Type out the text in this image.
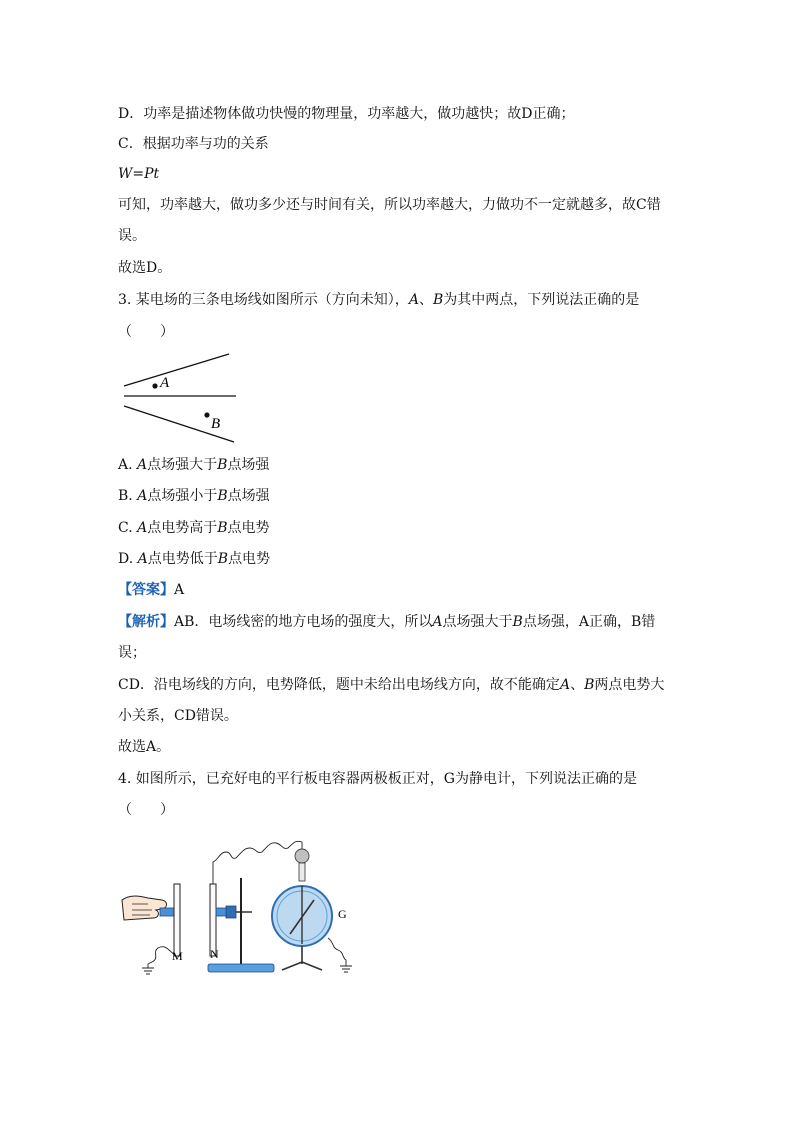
D．功率是描述物体做功快慢的物理量，功率越大，做功越快；故D正确；
C．根据功率与功的关系
W=Pt
可知，功率越大，做功多少还与时间有关，所以功率越大，力做功不一定就越多，故C错
误。
故选D。
3. 某电场的三条电场线如图所示（方向未知），A、B为其中两点，下列说法正确的是
（　　）
A
B
A. A点场强大于B点场强
B. A点场强小于B点场强
C. A点电势高于B点电势
D. A点电势低于B点电势
【答案】A
【解析】AB．电场线密的地方电场的强度大，所以A点场强大于B点场强，A正确，B错
误；
CD．沿电场线的方向，电势降低，题中未给出电场线方向，故不能确定A、B两点电势大
小关系，CD错误。
故选A。
4. 如图所示，已充好电的平行板电容器两极板正对，G为静电计，下列说法正确的是
（　　）
M N
G
